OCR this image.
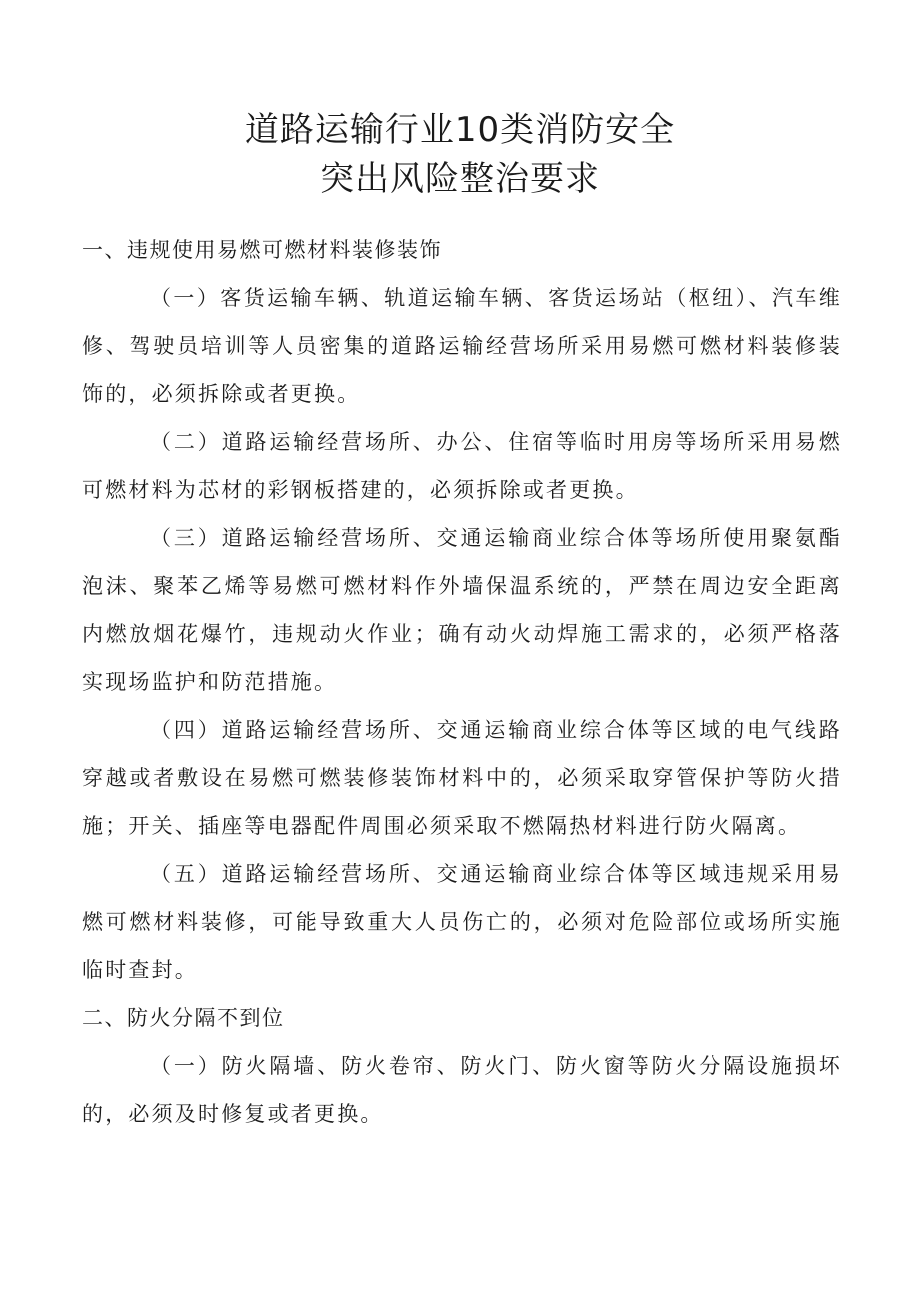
道路运输行业10类消防安全
突出风险整治要求

一、违规使用易燃可燃材料装修装饰

（一）客货运输车辆、轨道运输车辆、客货运场站（枢纽）、汽车维修、驾驶员培训等人员密集的道路运输经营场所采用易燃可燃材料装修装饰的，必须拆除或者更换。

（二）道路运输经营场所、办公、住宿等临时用房等场所采用易燃可燃材料为芯材的彩钢板搭建的，必须拆除或者更换。

（三）道路运输经营场所、交通运输商业综合体等场所使用聚氨酯泡沫、聚苯乙烯等易燃可燃材料作外墙保温系统的，严禁在周边安全距离内燃放烟花爆竹，违规动火作业；确有动火动焊施工需求的，必须严格落实现场监护和防范措施。

（四）道路运输经营场所、交通运输商业综合体等区域的电气线路穿越或者敷设在易燃可燃装修装饰材料中的，必须采取穿管保护等防火措施；开关、插座等电器配件周围必须采取不燃隔热材料进行防火隔离。

（五）道路运输经营场所、交通运输商业综合体等区域违规采用易燃可燃材料装修，可能导致重大人员伤亡的，必须对危险部位或场所实施临时查封。

二、防火分隔不到位

（一）防火隔墙、防火卷帘、防火门、防火窗等防火分隔设施损坏的，必须及时修复或者更换。
